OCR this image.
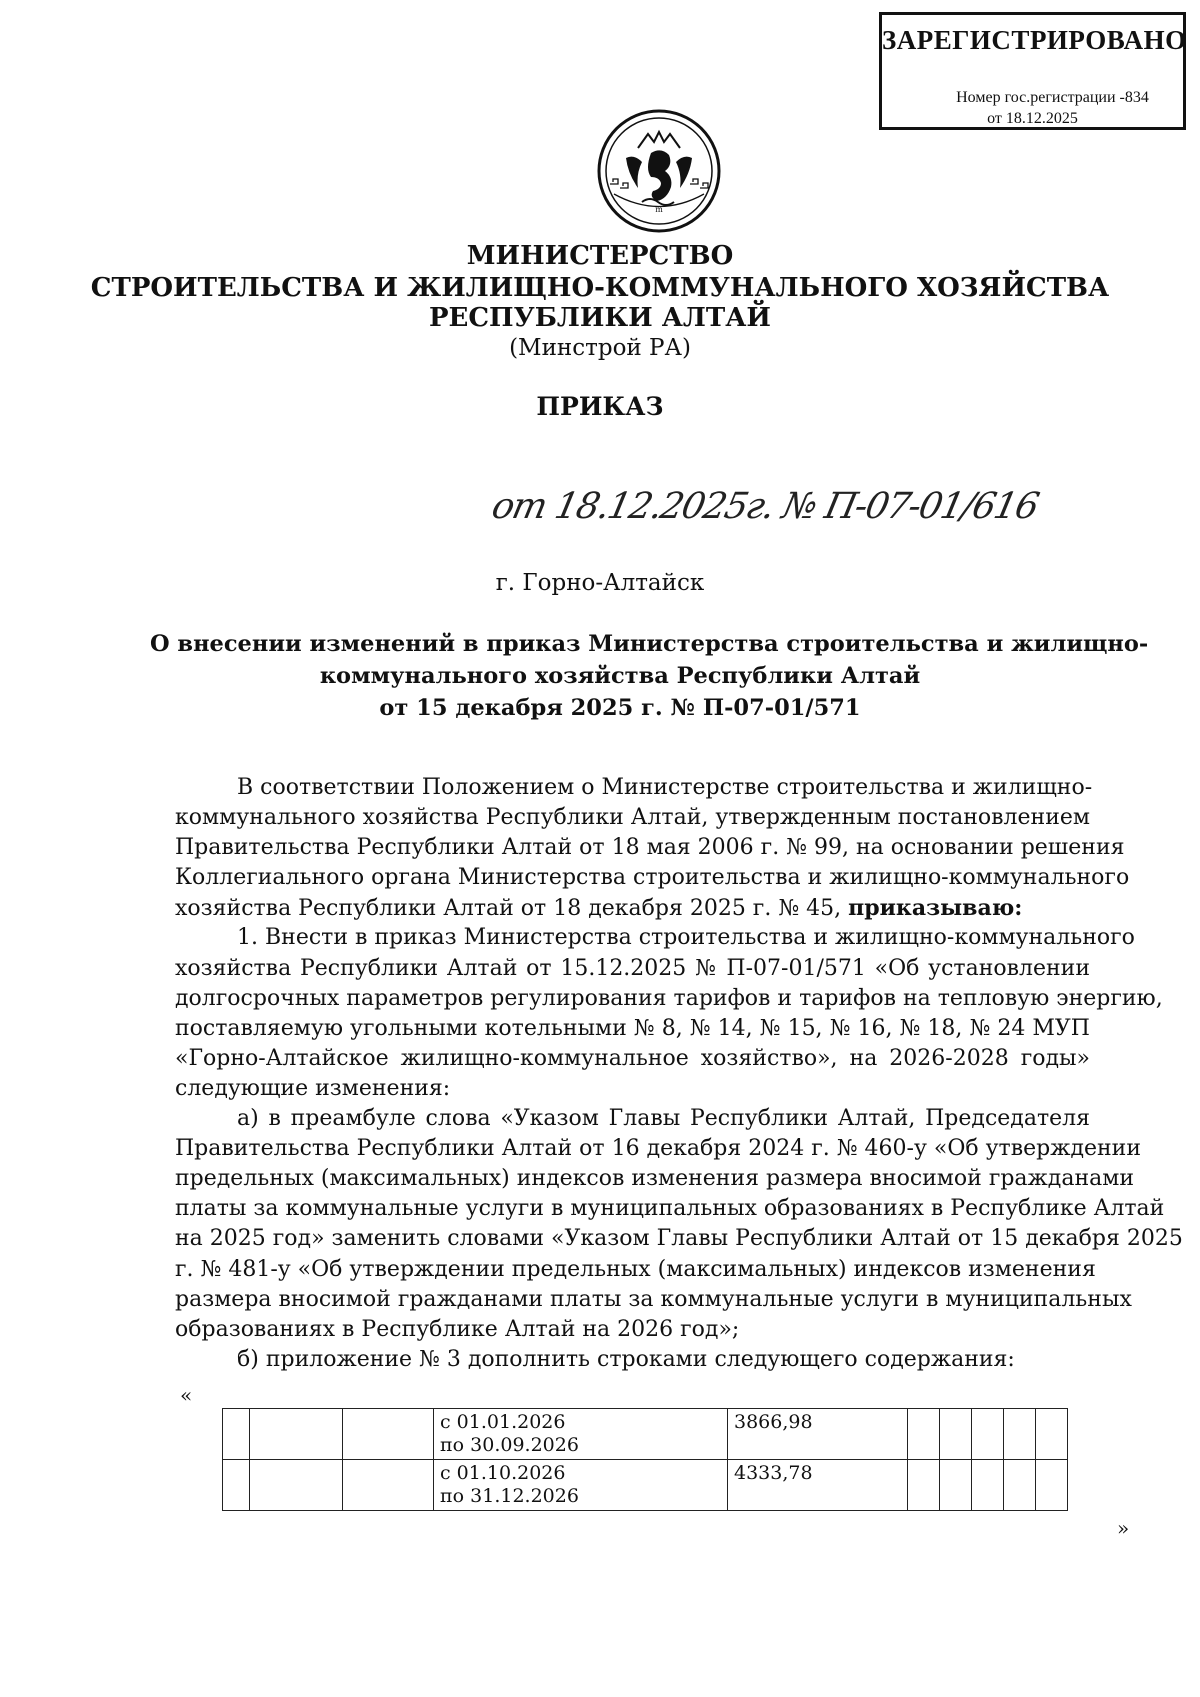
ЗАРЕГИСТРИРОВАНО
Номер гос.регистрации -834
от 18.12.2025
m
МИНИСТЕРСТВО
СТРОИТЕЛЬСТВА И ЖИЛИЩНО-КОММУНАЛЬНОГО ХОЗЯЙСТВА
РЕСПУБЛИКИ АЛТАЙ
(Минстрой РА)
ПРИКАЗ
от 18.12.2025г. № П-07-01/616
г. Горно-Алтайск
О внесении изменений в приказ Министерства строительства и жилищно-
коммунального хозяйства Республики Алтай
от 15 декабря 2025 г. № П-07-01/571
В соответствии Положением о Министерстве строительства и жилищно-
коммунального хозяйства Республики Алтай, утвержденным постановлением
Правительства Республики Алтай от 18 мая 2006 г. № 99, на основании решения
Коллегиального органа Министерства строительства и жилищно-коммунального
хозяйства Республики Алтай от 18 декабря 2025 г. № 45, приказываю:
1. Внести в приказ Министерства строительства и жилищно-коммунального
хозяйства Республики Алтай от 15.12.2025 № П-07-01/571 «Об установлении
долгосрочных параметров регулирования тарифов и тарифов на тепловую энергию,
поставляемую угольными котельными № 8, № 14, № 15, № 16, № 18, № 24 МУП
«Горно-Алтайское жилищно-коммунальное хозяйство», на 2026-2028 годы»
следующие изменения:
а) в преамбуле слова «Указом Главы Республики Алтай, Председателя
Правительства Республики Алтай от 16 декабря 2024 г. № 460-у «Об утверждении
предельных (максимальных) индексов изменения размера вносимой гражданами
платы за коммунальные услуги в муниципальных образованиях в Республике Алтай
на 2025 год» заменить словами «Указом Главы Республики Алтай от 15 декабря 2025
г. № 481-у «Об утверждении предельных (максимальных) индексов изменения
размера вносимой гражданами платы за коммунальные услуги в муниципальных
образованиях в Республике Алтай на 2026 год»;
б) приложение № 3 дополнить строками следующего содержания:
«

			с 01.01.2026
по 30.09.2026	3866,98					

			с 01.10.2026
по 31.12.2026	4333,78					

»
